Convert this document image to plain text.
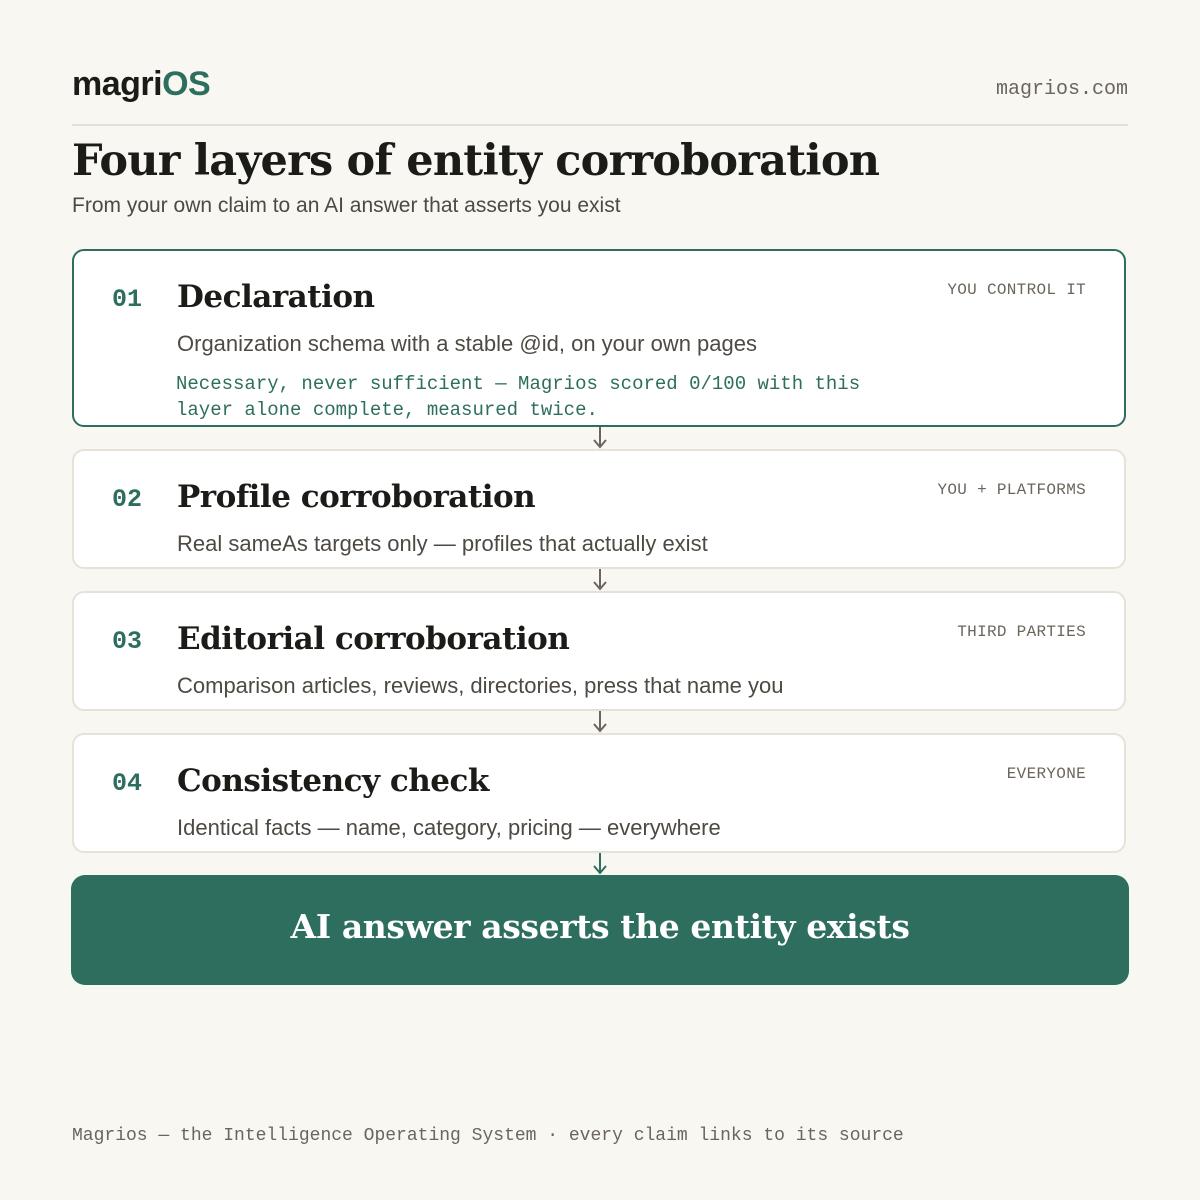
magriOS	magrios.com
Four layers of entity corroboration
From your own claim to an AI answer that asserts you exist
01 Declaration
Organization schema with a stable @id, on your own pages
Necessary, never sufficient — Magrios scored 0/100 with this layer alone complete, measured twice.
YOU CONTROL IT
02 Profile corroboration
Real sameAs targets only — profiles that actually exist
YOU + PLATFORMS
03 Editorial corroboration
Comparison articles, reviews, directories, press that name you
THIRD PARTIES
04 Consistency check
Identical facts — name, category, pricing — everywhere
EVERYONE
AI answer asserts the entity exists
Magrios — the Intelligence Operating System · every claim links to its source
